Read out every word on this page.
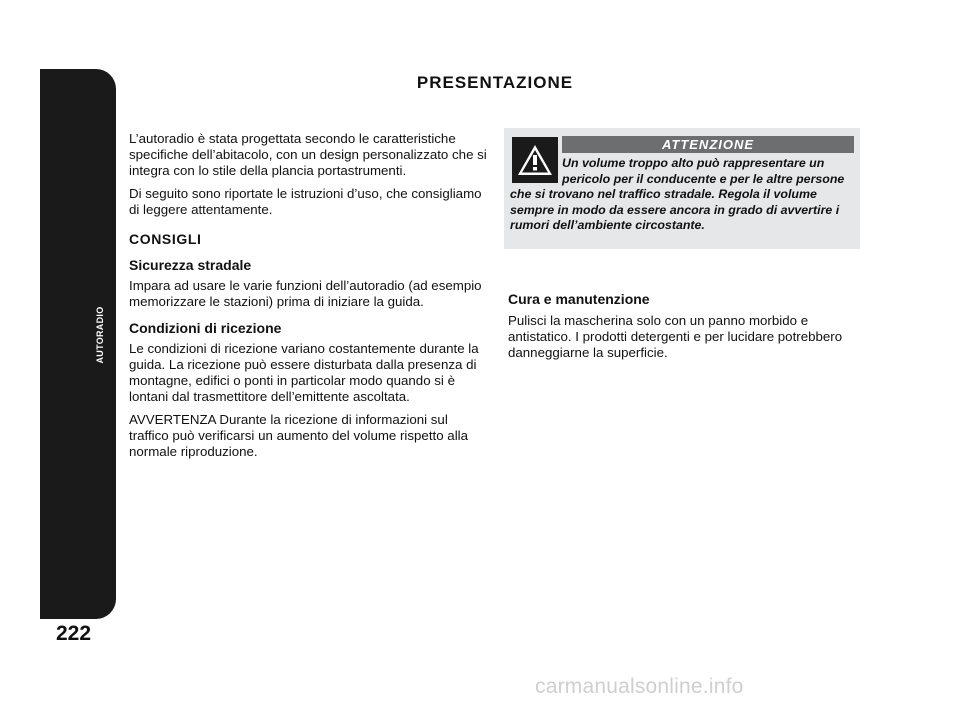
AUTORADIO
222
PRESENTAZIONE

L’autoradio è stata progettata secondo le caratteristiche specifiche dell’abitacolo, con un design personalizzato che si integra con lo stile della plancia portastrumenti.

Di seguito sono riportate le istruzioni d’uso, che consigliamo di leggere attentamente.

CONSIGLI
Sicurezza stradale

Impara ad usare le varie funzioni dell’autoradio (ad esempio memorizzare le stazioni) prima di iniziare la guida.

Condizioni di ricezione

Le condizioni di ricezione variano costantemente durante la guida. La ricezione può essere disturbata dalla presenza di montagne, edifici o ponti in particolar modo quando si è lontani dal trasmettitore dell’emittente ascoltata.

AVVERTENZA Durante la ricezione di informazioni sul traffico può verificarsi un aumento del volume rispetto alla normale riproduzione.

ATTENZIONE
Un volume troppo alto può rappresentare un pericolo per il conducente e per le altre persone che si trovano nel traffico stradale. Regola il volume sempre in modo da essere ancora in grado di avvertire i rumori dell’ambiente circostante.
Cura e manutenzione

Pulisci la mascherina solo con un panno morbido e antistatico. I prodotti detergenti e per lucidare potrebbero danneggiarne la superficie.

carmanualsonline.info
